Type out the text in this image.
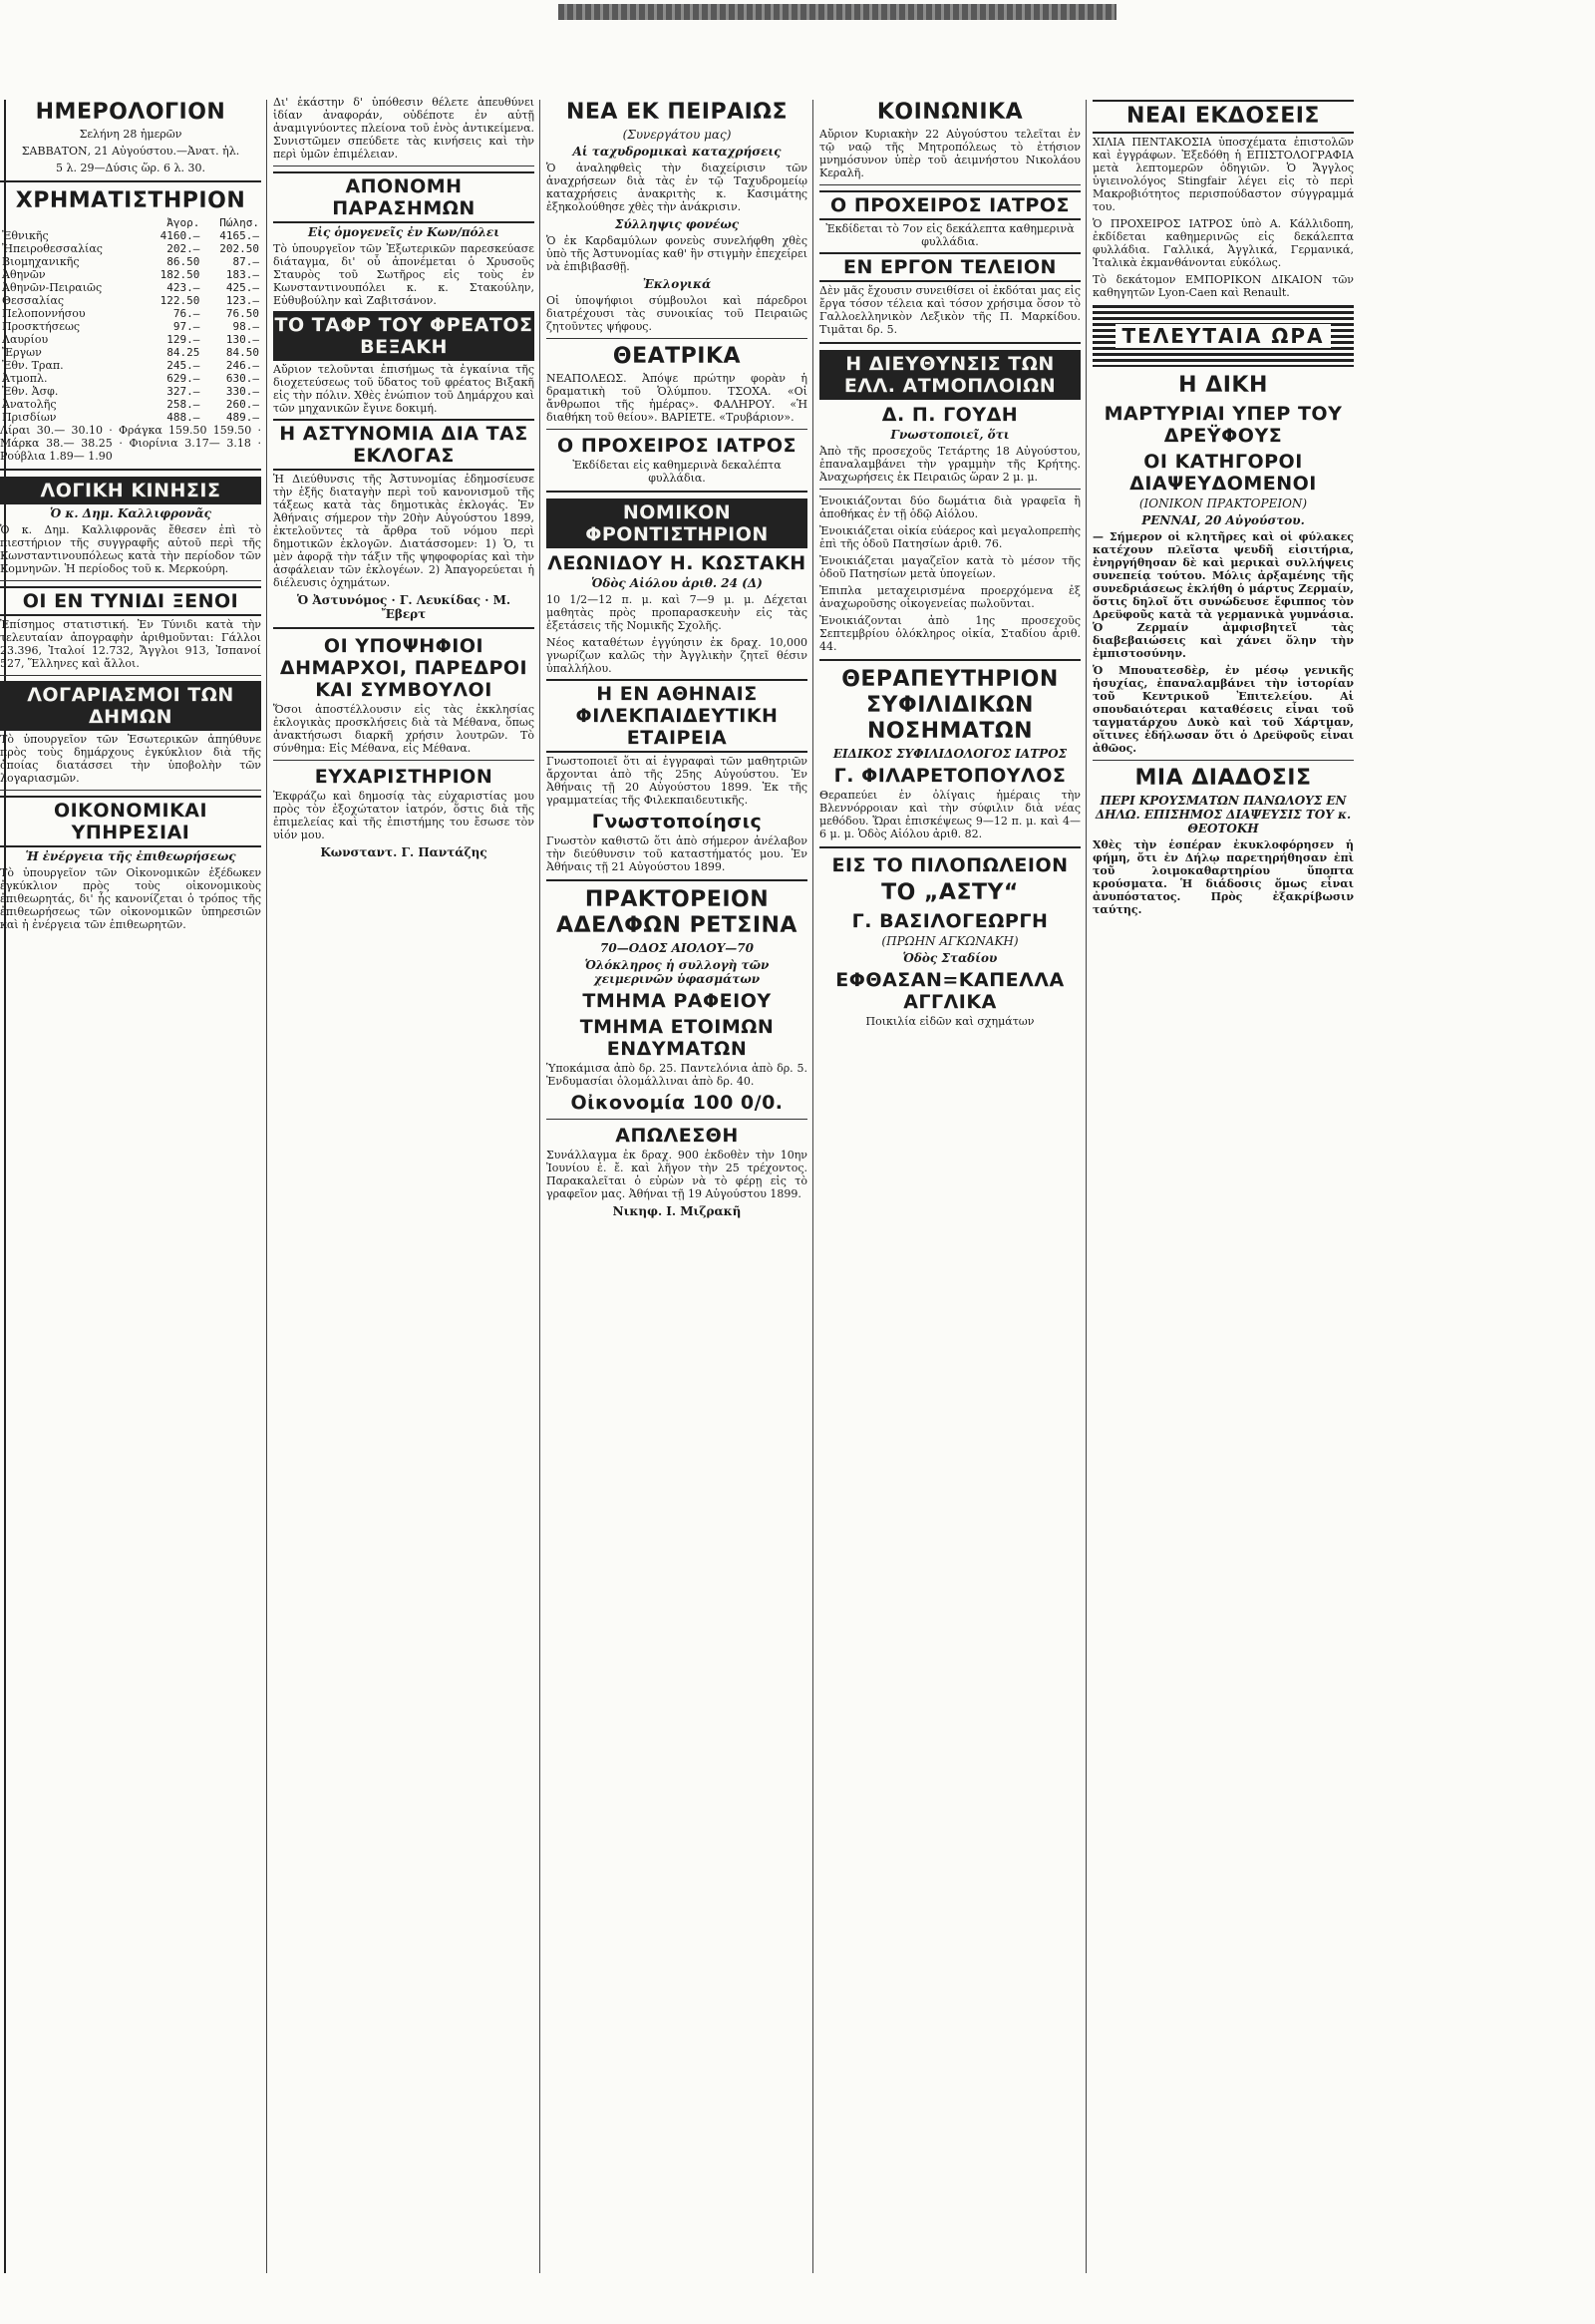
ΗΜΕΡΟΛΟΓΙΟΝ
Σελήνη 28 ἡμερῶν
ΣΑΒΒΑΤΟΝ, 21 Αὐγούστου.—Ἀνατ. ἡλ.
5 λ. 29—Δύσις ὥρ. 6 λ. 30.
ΧΡΗΜΑΤΙΣΤΗΡΙΟΝ
	Ἀγορ.	Πώλησ.
Ἐθνικῆς	4160.—	4165.—
Ἠπειροθεσσαλίας	202.—	202.50
Βιομηχανικῆς	86.50	87.—
Ἀθηνῶν	182.50	183.—
Ἀθηνῶν-Πειραιῶς	423.—	425.—
Θεσσαλίας	122.50	123.—
Πελοποννήσου	76.—	76.50
Προσκτήσεως	97.—	98.—
Λαυρίου	129.—	130.—
Ἔργων	84.25	84.50
Ἐθν. Τραπ.	245.—	246.—
Ἀτμοπλ.	629.—	630.—
Ἐθν. Ἀσφ.	327.—	330.—
Ἀνατολῆς	258.—	260.—
Πρισδίων	488.—	489.—
Λίραι 30.— 30.10 · Φράγκα 159.50 159.50 · Μάρκα 38.— 38.25 · Φιορίνια 3.17— 3.18 · Ρούβλια 1.89— 1.90
ΛΟΓΙΚΗ ΚΙΝΗΣΙΣ
Ὁ κ. Δημ. Καλλιφρονᾶς
Ὁ κ. Δημ. Καλλιφρονᾶς ἔθεσεν ἐπὶ τὸ πιεστήριον τῆς συγγραφῆς αὐτοῦ περὶ τῆς Κωνσταντινουπόλεως κατὰ τὴν περίοδον τῶν Κομνηνῶν. Ἡ περίοδος τοῦ κ. Μερκούρη.
ΟΙ ΕΝ ΤΥΝΙΔΙ ΞΕΝΟΙ
Ἐπίσημος στατιστική. Ἐν Τύνιδι κατὰ τὴν τελευταίαν ἀπογραφὴν ἀριθμοῦνται: Γάλλοι 23.396, Ἰταλοί 12.732, Ἄγγλοι 913, Ἰσπανοί 527, Ἕλληνες καὶ ἄλλοι.
ΛΟΓΑΡΙΑΣΜΟΙ ΤΩΝ ΔΗΜΩΝ
Τὸ ὑπουργεῖον τῶν Ἐσωτερικῶν ἀπηύθυνε πρὸς τοὺς δημάρχους ἐγκύκλιον διὰ τῆς ὁποίας διατάσσει τὴν ὑποβολὴν τῶν λογαριασμῶν.
ΟΙΚΟΝΟΜΙΚΑΙ ΥΠΗΡΕΣΙΑΙ
Ἡ ἐνέργεια τῆς ἐπιθεωρήσεως
Τὸ ὑπουργεῖον τῶν Οἰκονομικῶν ἐξέδωκεν ἐγκύκλιον πρὸς τοὺς οἰκονομικοὺς ἐπιθεωρητάς, δι' ἧς κανονίζεται ὁ τρόπος τῆς ἐπιθεωρήσεως τῶν οἰκονομικῶν ὑπηρεσιῶν καὶ ἡ ἐνέργεια τῶν ἐπιθεωρητῶν.
Δι' ἑκάστην δ' ὑπόθεσιν θέλετε ἀπευθύνει ἰδίαν ἀναφοράν, οὐδέποτε ἐν αὐτῇ ἀναμιγνύοντες πλείονα τοῦ ἑνὸς ἀντικείμενα. Συνιστῶμεν σπεύδετε τὰς κινήσεις καὶ τὴν περὶ ὑμῶν ἐπιμέλειαν.
ΑΠΟΝΟΜΗ ΠΑΡΑΣΗΜΩΝ
Εἰς ὁμογενεῖς ἐν Κων/πόλει
Τὸ ὑπουργεῖον τῶν Ἐξωτερικῶν παρεσκεύασε διάταγμα, δι' οὗ ἀπονέμεται ὁ Χρυσοῦς Σταυρὸς τοῦ Σωτῆρος εἰς τοὺς ἐν Κωνσταντινουπόλει κ. κ. Στακούλην, Εὐθυβούλην καὶ Ζαβιτσάνον.
ΤΟ ΤΑΦΡ ΤΟΥ ΦΡΕΑΤΟΣ ΒΕΞΑΚΗ
Αὔριον τελοῦνται ἐπισήμως τὰ ἐγκαίνια τῆς διοχετεύσεως τοῦ ὕδατος τοῦ φρέατος Βιξακῆ εἰς τὴν πόλιν. Χθὲς ἐνώπιον τοῦ Δημάρχου καὶ τῶν μηχανικῶν ἔγινε δοκιμή.
Η ΑΣΤΥΝΟΜΙΑ ΔΙΑ ΤΑΣ ΕΚΛΟΓΑΣ
Ἡ Διεύθυνσις τῆς Ἀστυνομίας ἐδημοσίευσε τὴν ἑξῆς διαταγὴν περὶ τοῦ κανονισμοῦ τῆς τάξεως κατὰ τὰς δημοτικὰς ἐκλογάς. Ἐν Ἀθήναις σήμερον τὴν 20ὴν Αὐγούστου 1899, ἐκτελοῦντες τὰ ἄρθρα τοῦ νόμου περὶ δημοτικῶν ἐκλογῶν. Διατάσσομεν: 1) Ὁ, τι μὲν ἀφορᾷ τὴν τάξιν τῆς ψηφοφορίας καὶ τὴν ἀσφάλειαν τῶν ἐκλογέων. 2) Ἀπαγορεύεται ἡ διέλευσις ὀχημάτων.
Ὁ Ἀστυνόμος · Γ. Λευκίδας · Μ. Ἔβερτ
ΟΙ ΥΠΟΨΗΦΙΟΙ ΔΗΜΑΡΧΟΙ, ΠΑΡΕΔΡΟΙ ΚΑΙ ΣΥΜΒΟΥΛΟΙ
Ὅσοι ἀποστέλλουσιν εἰς τὰς ἐκκλησίας ἐκλογικὰς προσκλήσεις διὰ τὰ Μέθανα, ὅπως ἀνακτήσωσι διαρκῆ χρήσιν λουτρῶν. Τὸ σύνθημα: Εἰς Μέθανα, εἰς Μέθανα.
ΕΥΧΑΡΙΣΤΗΡΙΟΝ
Ἐκφράζω καὶ δημοσίᾳ τὰς εὐχαριστίας μου πρὸς τὸν ἐξοχώτατον ἰατρόν, ὅστις διὰ τῆς ἐπιμελείας καὶ τῆς ἐπιστήμης του ἔσωσε τὸν υἱόν μου.
Κωνσταντ. Γ. Παντάζης
ΝΕΑ ΕΚ ΠΕΙΡΑΙΩΣ
(Συνεργάτου μας)
Αἱ ταχυδρομικαὶ καταχρήσεις
Ὁ ἀναληφθεὶς τὴν διαχείρισιν τῶν ἀναχρήσεων διὰ τὰς ἐν τῷ Ταχυδρομείῳ καταχρήσεις ἀνακριτὴς κ. Κασιμάτης ἐξηκολούθησε χθὲς τὴν ἀνάκρισιν.
Σύλληψις φονέως
Ὁ ἐκ Καρδαμύλων φονεὺς συνελήφθη χθὲς ὑπὸ τῆς Ἀστυνομίας καθ' ἣν στιγμὴν ἐπεχείρει νὰ ἐπιβιβασθῇ.
Ἐκλογικά
Οἱ ὑποψήφιοι σύμβουλοι καὶ πάρεδροι διατρέχουσι τὰς συνοικίας τοῦ Πειραιῶς ζητοῦντες ψήφους.
ΘΕΑΤΡΙΚΑ
ΝΕΑΠΟΛΕΩΣ. Ἀπόψε πρώτην φορὰν ἡ δραματικὴ τοῦ Ὁλύμπου. ΤΣΟΧΑ. «Οἱ ἄνθρωποι τῆς ἡμέρας». ΦΑΛΗΡΟΥ. «Ἡ διαθήκη τοῦ θείου». ΒΑΡΙΕΤΕ. «Τρυβάριον».
Ο ΠΡΟΧΕΙΡΟΣ ΙΑΤΡΟΣ
Ἐκδίδεται εἰς καθημερινὰ δεκαλέπτα φυλλάδια.
ΝΟΜΙΚΟΝ ΦΡΟΝΤΙΣΤΗΡΙΟΝ
ΛΕΩΝΙΔΟΥ Η. ΚΩΣΤΑΚΗ
Ὁδὸς Αἰόλου ἀριθ. 24 (Δ)
10 1/2—12 π. μ. καὶ 7—9 μ. μ. Δέχεται μαθητὰς πρὸς προπαρασκευὴν εἰς τὰς ἐξετάσεις τῆς Νομικῆς Σχολῆς.
Νέος καταθέτων ἐγγύησιν ἐκ δραχ. 10,000 γνωρίζων καλῶς τὴν Ἀγγλικὴν ζητεῖ θέσιν ὑπαλλήλου.
Η ΕΝ ΑΘΗΝΑΙΣ ΦΙΛΕΚΠΑΙΔΕΥΤΙΚΗ ΕΤΑΙΡΕΙΑ
Γνωστοποιεῖ ὅτι αἱ ἐγγραφαὶ τῶν μαθητριῶν ἄρχονται ἀπὸ τῆς 25ης Αὐγούστου. Ἐν Ἀθήναις τῇ 20 Αὐγούστου 1899. Ἐκ τῆς γραμματείας τῆς Φιλεκπαιδευτικῆς.
Γνωστοποίησις
Γνωστὸν καθιστῶ ὅτι ἀπὸ σήμερον ἀνέλαβον τὴν διεύθυνσιν τοῦ καταστήματός μου. Ἐν Ἀθήναις τῇ 21 Αὐγούστου 1899.
ΠΡΑΚΤΟΡΕΙΟΝ ΑΔΕΛΦΩΝ ΡΕΤΣΙΝΑ
70—ΟΔΟΣ ΑΙΟΛΟΥ—70
Ὁλόκληρος ἡ συλλογὴ τῶν χειμερινῶν ὑφασμάτων
ΤΜΗΜΑ ΡΑΦΕΙΟΥ
ΤΜΗΜΑ ΕΤΟΙΜΩΝ ΕΝΔΥΜΑΤΩΝ
Ὑποκάμισα ἀπὸ δρ. 25. Παντελόνια ἀπὸ δρ. 5. Ἐνδυμασίαι ὁλομάλλιναι ἀπὸ δρ. 40.
Οἰκονομία 100 0/0.
ΑΠΩΛΕΣΘΗ
Συνάλλαγμα ἐκ δραχ. 900 ἐκδοθὲν τὴν 10ην Ἰουνίου ἐ. ἔ. καὶ λῆγον τὴν 25 τρέχοντος. Παρακαλεῖται ὁ εὑρὼν νὰ τὸ φέρῃ εἰς τὸ γραφεῖον μας. Ἀθήναι τῇ 19 Αὐγούστου 1899.
Νικηφ. Ι. Μιζρακῆ
ΚΟΙΝΩΝΙΚΑ
Αὔριον Κυριακὴν 22 Αὐγούστου τελεῖται ἐν τῷ ναῷ τῆς Μητροπόλεως τὸ ἐτήσιον μνημόσυνον ὑπὲρ τοῦ ἀειμνήστου Νικολάου Κεραλῆ.
Ο ΠΡΟΧΕΙΡΟΣ ΙΑΤΡΟΣ
Ἐκδίδεται τὸ 7ον εἰς δεκάλεπτα καθημερινὰ φυλλάδια.
ΕΝ ΕΡΓΟΝ ΤΕΛΕΙΟΝ
Δὲν μᾶς ἔχουσιν συνειθίσει οἱ ἐκδόται μας εἰς ἔργα τόσον τέλεια καὶ τόσον χρήσιμα ὅσον τὸ Γαλλοελληνικὸν Λεξικὸν τῆς Π. Μαρκίδου. Τιμᾶται δρ. 5.
Η ΔΙΕΥΘΥΝΣΙΣ ΤΩΝ ΕΛΛ. ΑΤΜΟΠΛΟΙΩΝ
Δ. Π. ΓΟΥΔΗ
Γνωστοποιεῖ, ὅτι
Ἀπὸ τῆς προσεχοῦς Τετάρτης 18 Αὐγούστου, ἐπαναλαμβάνει τὴν γραμμὴν τῆς Κρήτης. Ἀναχωρήσεις ἐκ Πειραιῶς ὥραν 2 μ. μ.
Ἐνοικιάζονται δύο δωμάτια διὰ γραφεῖα ἢ ἀποθήκας ἐν τῇ ὁδῷ Αἰόλου.
Ἐνοικιάζεται οἰκία εὐάερος καὶ μεγαλοπρεπὴς ἐπὶ τῆς ὁδοῦ Πατησίων ἀριθ. 76.
Ἐνοικιάζεται μαγαζεῖον κατὰ τὸ μέσον τῆς ὁδοῦ Πατησίων μετὰ ὑπογείων.
Ἐπιπλα μεταχειρισμένα προερχόμενα ἐξ ἀναχωροῦσης οἰκογενείας πωλοῦνται.
Ἐνοικιάζονται ἀπὸ 1ης προσεχοῦς Σεπτεμβρίου ὁλόκληρος οἰκία, Σταδίου ἀριθ. 44.
ΘΕΡΑΠΕΥΤΗΡΙΟΝ ΣΥΦΙΛΙΔΙΚΩΝ ΝΟΣΗΜΑΤΩΝ
ΕΙΔΙΚΟΣ ΣΥΦΙΛΙΔΟΛΟΓΟΣ ΙΑΤΡΟΣ
Γ. ΦΙΛΑΡΕΤΟΠΟΥΛΟΣ
Θεραπεύει ἐν ὀλίγαις ἡμέραις τὴν Βλεννόρροιαν καὶ τὴν σύφιλιν διὰ νέας μεθόδου. Ὥραι ἐπισκέψεως 9—12 π. μ. καὶ 4—6 μ. μ. Ὁδὸς Αἰόλου ἀριθ. 82.
ΕΙΣ ΤΟ ΠΙΛΟΠΩΛΕΙΟΝ
ΤΟ „ΑΣΤΥ“
Γ. ΒΑΣΙΛΟΓΕΩΡΓΗ
(ΠΡΩΗΝ ΑΓΚΩΝΑΚΗ)
Ὁδὸς Σταδίου
ΕΦΘΑΣΑΝ=ΚΑΠΕΛΛΑ ΑΓΓΛΙΚΑ
Ποικιλία εἰδῶν καὶ σχημάτων
ΝΕΑΙ ΕΚΔΟΣΕΙΣ
ΧΙΛΙΑ ΠΕΝΤΑΚΟΣΙΑ ὑποσχέματα ἐπιστολῶν καὶ ἐγγράφων. Ἐξεδόθη ἡ ΕΠΙΣΤΟΛΟΓΡΑΦΙΑ μετὰ λεπτομερῶν ὁδηγιῶν. Ὁ Ἄγγλος ὑγιεινολόγος Stingfair λέγει εἰς τὸ περὶ Μακροβιότητος περισπούδαστον σύγγραμμά του.
Ὁ ΠΡΟΧΕΙΡΟΣ ΙΑΤΡΟΣ ὑπὸ Α. Κάλλιδοπη, ἐκδίδεται καθημερινῶς εἰς δεκάλεπτα φυλλάδια. Γαλλικά, Ἀγγλικά, Γερμανικά, Ἰταλικὰ ἐκμανθάνονται εὐκόλως.
Τὸ δεκάτομον ΕΜΠΟΡΙΚΟΝ ΔΙΚΑΙΟΝ τῶν καθηγητῶν Lyon-Caen καὶ Renault.
ΤΕΛΕΥΤΑΙΑ ΩΡΑ
Η ΔΙΚΗ
ΜΑΡΤΥΡΙΑΙ ΥΠΕΡ ΤΟΥ ΔΡΕΫΦΟΥΣ
ΟΙ ΚΑΤΗΓΟΡΟΙ ΔΙΑΨΕΥΔΟΜΕΝΟΙ
(ΙΟΝΙΚΟΝ ΠΡΑΚΤΟΡΕΙΟΝ)
ΡΕΝΝΑΙ, 20 Αὐγούστου.
— Σήμερον οἱ κλητῆρες καὶ οἱ φύλακες κατέχουν πλεῖστα ψευδῆ εἰσιτήρια, ἐνηργήθησαν δὲ καὶ μερικαὶ συλλήψεις συνεπείᾳ τούτου. Μόλις ἀρξαμένης τῆς συνεδριάσεως ἐκλήθη ὁ μάρτυς Ζερμαίν, ὅστις δηλοῖ ὅτι συνώδευσε ἔφιππος τὸν Δρεϋφοῦς κατὰ τὰ γερμανικὰ γυμνάσια. Ὁ Ζερμαίν ἀμφισβητεῖ τὰς διαβεβαιώσεις καὶ χάνει ὅλην τὴν ἐμπιστοσύνην.
Ὁ Μπουατεσδὲρ, ἐν μέσῳ γενικῆς ἡσυχίας, ἐπαναλαμβάνει τὴν ἱστορίαν τοῦ Κεντρικοῦ Ἐπιτελείου. Αἱ σπουδαιότεραι καταθέσεις εἶναι τοῦ ταγματάρχου Δυκὸ καὶ τοῦ Χάρτμαν, οἵτινες ἐδήλωσαν ὅτι ὁ Δρεϋφοῦς εἶναι ἀθῶος.
ΜΙΑ ΔΙΑΔΟΣΙΣ
ΠΕΡΙ ΚΡΟΥΣΜΑΤΩΝ ΠΑΝΩΛΟΥΣ ΕΝ ΔΗΛΩ. ΕΠΙΣΗΜΟΣ ΔΙΑΨΕΥΣΙΣ ΤΟΥ κ. ΘΕΟΤΟΚΗ
Χθὲς τὴν ἑσπέραν ἐκυκλοφόρησεν ἡ φήμη, ὅτι ἐν Δήλῳ παρετηρήθησαν ἐπὶ τοῦ λοιμοκαθαρτηρίου ὕποπτα κρούσματα. Ἡ διάδοσις ὅμως εἶναι ἀνυπόστατος. Πρὸς ἐξακρίβωσιν ταύτης.
